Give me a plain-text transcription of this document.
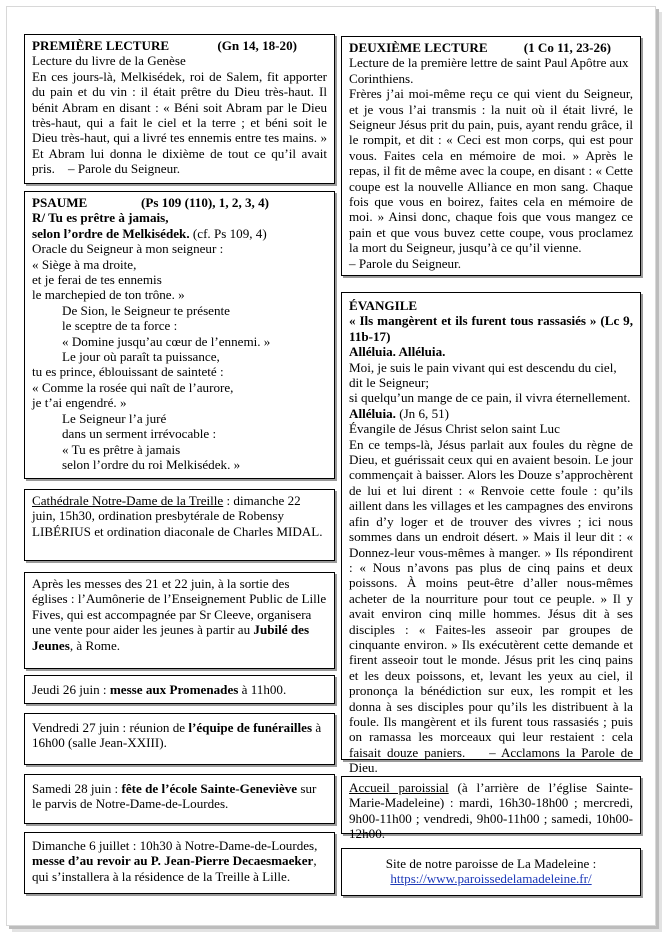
PREMIÈRE LECTURE	(Gn 14, 18-20)

Lecture du livre de la Genèse

En ces jours-là, Melkisédek, roi de Salem, fit apporter du pain et du vin : il était prêtre du Dieu très-haut. Il bénit Abram en disant : « Béni soit Abram par le Dieu très-haut, qui a fait le ciel et la terre ; et béni soit le Dieu très-haut, qui a livré tes ennemis entre tes mains. » Et Abram lui donna le dixième de tout ce qu’il avait pris. – Parole du Seigneur.

PSAUME	(Ps 109 (110), 1, 2, 3, 4)

R/ Tu es prêtre à jamais,

selon l’ordre de Melkisédek. (cf. Ps 109, 4)

Oracle du Seigneur à mon seigneur :

« Siège à ma droite,

et je ferai de tes ennemis

le marchepied de ton trône. »

De Sion, le Seigneur te présente

le sceptre de ta force :

« Domine jusqu’au cœur de l’ennemi. »

Le jour où paraît ta puissance,

tu es prince, éblouissant de sainteté :

« Comme la rosée qui naît de l’aurore,

je t’ai engendré. »

Le Seigneur l’a juré

dans un serment irrévocable :

« Tu es prêtre à jamais

selon l’ordre du roi Melkisédek. »

Cathédrale Notre-Dame de la Treille : dimanche 22 juin, 15h30, ordination presbytérale de Robensy LIBÉRIUS et ordination diaconale de Charles MIDAL.

Après les messes des 21 et 22 juin, à la sortie des églises : l’Aumônerie de l’Enseignement Public de Lille Fives, qui est accompagnée par Sr Cleeve, organisera une vente pour aider les jeunes à partir au Jubilé des Jeunes, à Rome.

Jeudi 26 juin : messe aux Promenades à 11h00.

Vendredi 27 juin : réunion de l’équipe de funérailles à 16h00 (salle Jean-XXIII).

Samedi 28 juin : fête de l’école Sainte-Geneviève sur le parvis de Notre-Dame-de-Lourdes.

Dimanche 6 juillet : 10h30 à Notre-Dame-de-Lourdes, messe d’au revoir au P. Jean-Pierre Decaesmaeker, qui s’installera à la résidence de la Treille à Lille.

DEUXIÈME LECTURE	(1 Co 11, 23-26)

Lecture de la première lettre de saint Paul Apôtre aux Corinthiens.

Frères j’ai moi-même reçu ce qui vient du Seigneur, et je vous l’ai transmis : la nuit où il était livré, le Seigneur Jésus prit du pain, puis, ayant rendu grâce, il le rompit, et dit : « Ceci est mon corps, qui est pour vous. Faites cela en mémoire de moi. » Après le repas, il fit de même avec la coupe, en disant : « Cette coupe est la nouvelle Alliance en mon sang. Chaque fois que vous en boirez, faites cela en mémoire de moi. » Ainsi donc, chaque fois que vous mangez ce pain et que vous buvez cette coupe, vous proclamez la mort du Seigneur, jusqu’à ce qu’il vienne.

– Parole du Seigneur.

ÉVANGILE

« Ils mangèrent et ils furent tous rassasiés » (Lc 9, 11b-17)

Alléluia. Alléluia.

Moi, je suis le pain vivant qui est descendu du ciel, dit le Seigneur;

si quelqu’un mange de ce pain, il vivra éternellement.

Alléluia. (Jn 6, 51)

Évangile de Jésus Christ selon saint Luc

En ce temps-là, Jésus parlait aux foules du règne de Dieu, et guérissait ceux qui en avaient besoin. Le jour commençait à baisser. Alors les Douze s’approchèrent de lui et lui dirent : « Renvoie cette foule : qu’ils aillent dans les villages et les campagnes des environs afin d’y loger et de trouver des vivres ; ici nous sommes dans un endroit désert. » Mais il leur dit : « Donnez-leur vous-mêmes à manger. » Ils répondirent : « Nous n’avons pas plus de cinq pains et deux poissons. À moins peut-être d’aller nous-mêmes acheter de la nourriture pour tout ce peuple. » Il y avait environ cinq mille hommes. Jésus dit à ses disciples : « Faites-les asseoir par groupes de cinquante environ. » Ils exécutèrent cette demande et firent asseoir tout le monde. Jésus prit les cinq pains et les deux poissons, et, levant les yeux au ciel, il prononça la bénédiction sur eux, les rompit et les donna à ses disciples pour qu’ils les distribuent à la foule. Ils mangèrent et ils furent tous rassasiés ; puis on ramassa les morceaux qui leur restaient : cela faisait douze paniers. – Acclamons la Parole de Dieu.

Accueil paroissial (à l’arrière de l’église Sainte-Marie-Madeleine) : mardi, 16h30-18h00 ; mercredi, 9h00-11h00 ; vendredi, 9h00-11h00 ; samedi, 10h00-12h00.

Site de notre paroisse de La Madeleine :

https://www.paroissedelamadeleine.fr/
